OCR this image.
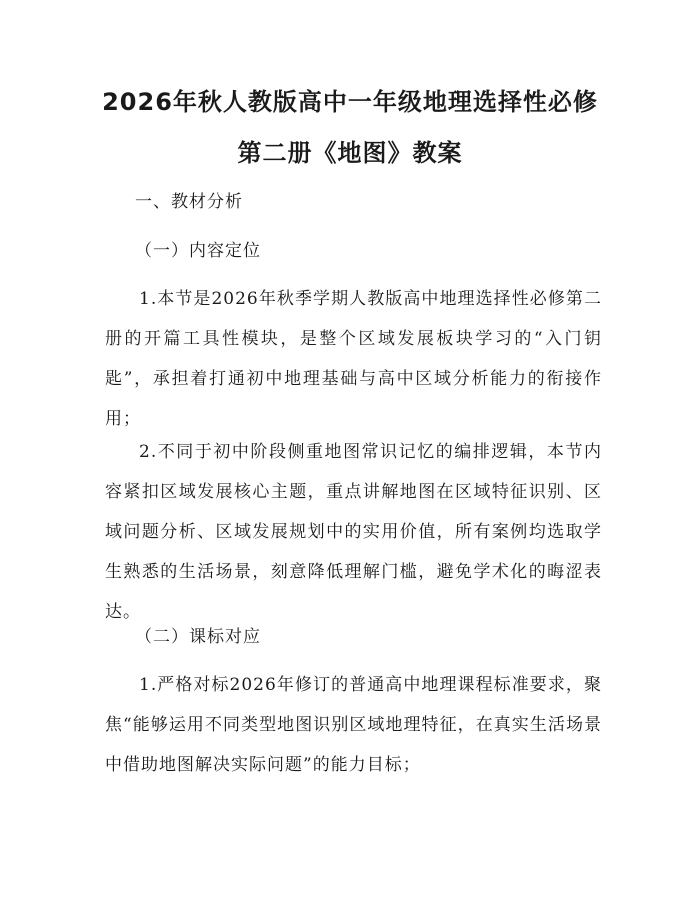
2026年秋人教版高中一年级地理选择性必修
第二册《地图》教案
一、教材分析
（一）内容定位
1.本节是2026年秋季学期人教版高中地理选择性必修第二册的开篇工具性模块，是整个区域发展板块学习的“入门钥匙”，承担着打通初中地理基础与高中区域分析能力的衔接作用；
2.不同于初中阶段侧重地图常识记忆的编排逻辑，本节内容紧扣区域发展核心主题，重点讲解地图在区域特征识别、区域问题分析、区域发展规划中的实用价值，所有案例均选取学生熟悉的生活场景，刻意降低理解门槛，避免学术化的晦涩表达。
（二）课标对应
1.严格对标2026年修订的普通高中地理课程标准要求，聚焦“能够运用不同类型地图识别区域地理特征，在真实生活场景中借助地图解决实际问题”的能力目标；
